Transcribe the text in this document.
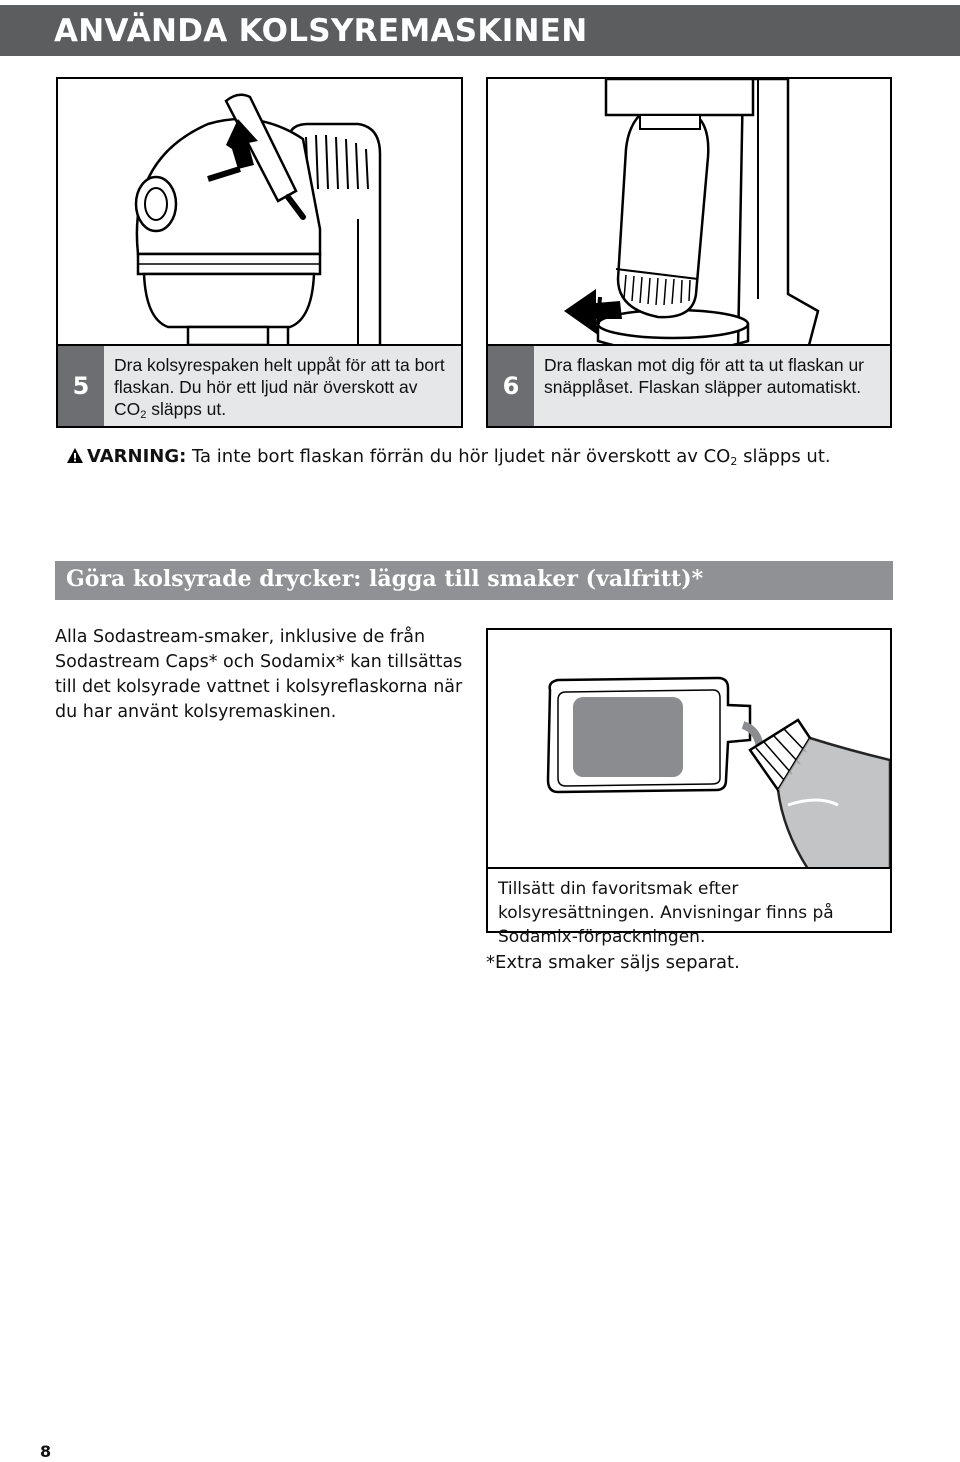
ANVÄNDA KOLSYREMASKINEN
5
Dra kolsyrespaken helt uppåt för att ta bort flaskan. Du hör ett ljud när överskott av $CO_2$ släpps ut.
6
Dra flaskan mot dig för att ta ut flaskan ur snäpplåset. Flaskan släpper automatiskt.
VARNING: Ta inte bort flaskan förrän du hör ljudet när överskott av $CO_2$ släpps ut.
Göra kolsyrade drycker: lägga till smaker (valfritt)*

Alla Sodastream-smaker, inklusive de från Sodastream Caps* och Sodamix* kan tillsättas till det kolsyrade vattnet i kolsyreflaskorna när du har använt kolsyremaskinen.

Tillsätt din favoritsmak efter kolsyresättningen. Anvisningar finns på Sodamix-förpackningen.
*Extra smaker säljs separat.
8
